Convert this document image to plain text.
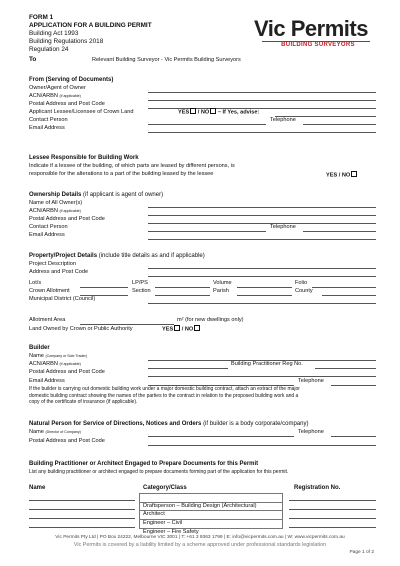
FORM 1
APPLICATION FOR A BUILDING PERMIT
Building Act 1993
Building Regulations 2018
Regulation 24
To	Relevant Building Surveyor - Vic Permits Building Surveyors
Vic Permits
BUILDING SURVEYORS
From (Serving of Documents)
Owner/Agent of Owner
ACN/ARBN (if applicable)
Postal Address and Post Code
Applicant Lessee/Licensee of Crown Land	YES / NO – If Yes, advise:
Contact Person	Telephone
Email Address
Lessee Responsible for Building Work
Indicate if a lessee of the building, of which parts are leased by different persons, is
responsible for the alterations to a part of the building leased by the lessee	YES / NO
Ownership Details (if applicant is agent of owner)
Name of All Owner(s)
ACN/ARBN (if applicable)
Postal Address and Post Code
Contact Person	Telephone
Email Address
Property/Project Details (include title details as and if applicable)
Project Description
Address and Post Code
Lot/s	LP/PS	Volume	Folio
Crown Allotment	Section	Parish	County
Municipal District (Council)
Allotment Area	m² (for new dwellings only)
Land Owned by Crown or Public Authority	YES / NO
Builder
Name (Company or Sole Trader)
ACN/ARBN (if applicable)	Building Practitioner Reg No.
Postal Address and Post Code
Email Address	Telephone
If the builder is carrying out domestic building work under a major domestic building contract, attach an extract of the major
domestic building contract showing the names of the parties to the contract in relation to the proposed building work and a
copy of the certificate of insurance (if applicable).
Natural Person for Service of Directions, Notices and Orders (if builder is a body corporate/company)
Name (Director of Company)	Telephone
Postal Address and Post Code
Building Practitioner or Architect Engaged to Prepare Documents for this Permit
List any building practitioner or architect engaged to prepare documents forming part of the application for this permit.
Name	Category/Class	Registration No.
Draftsperson – Building Design (Architectural)
Architect
Engineer – Civil
Engineer – Fire Safety
Vic Permits Pty Ltd | PO Box 24222, Melbourne VIC 3001 | T: +61 3 9363 1799 | E: info@vicpermits.com.au | W: www.vicpermits.com.au
Vic Permits is covered by a liability limited by a scheme approved under professional standards legislation
Page 1 of 2
